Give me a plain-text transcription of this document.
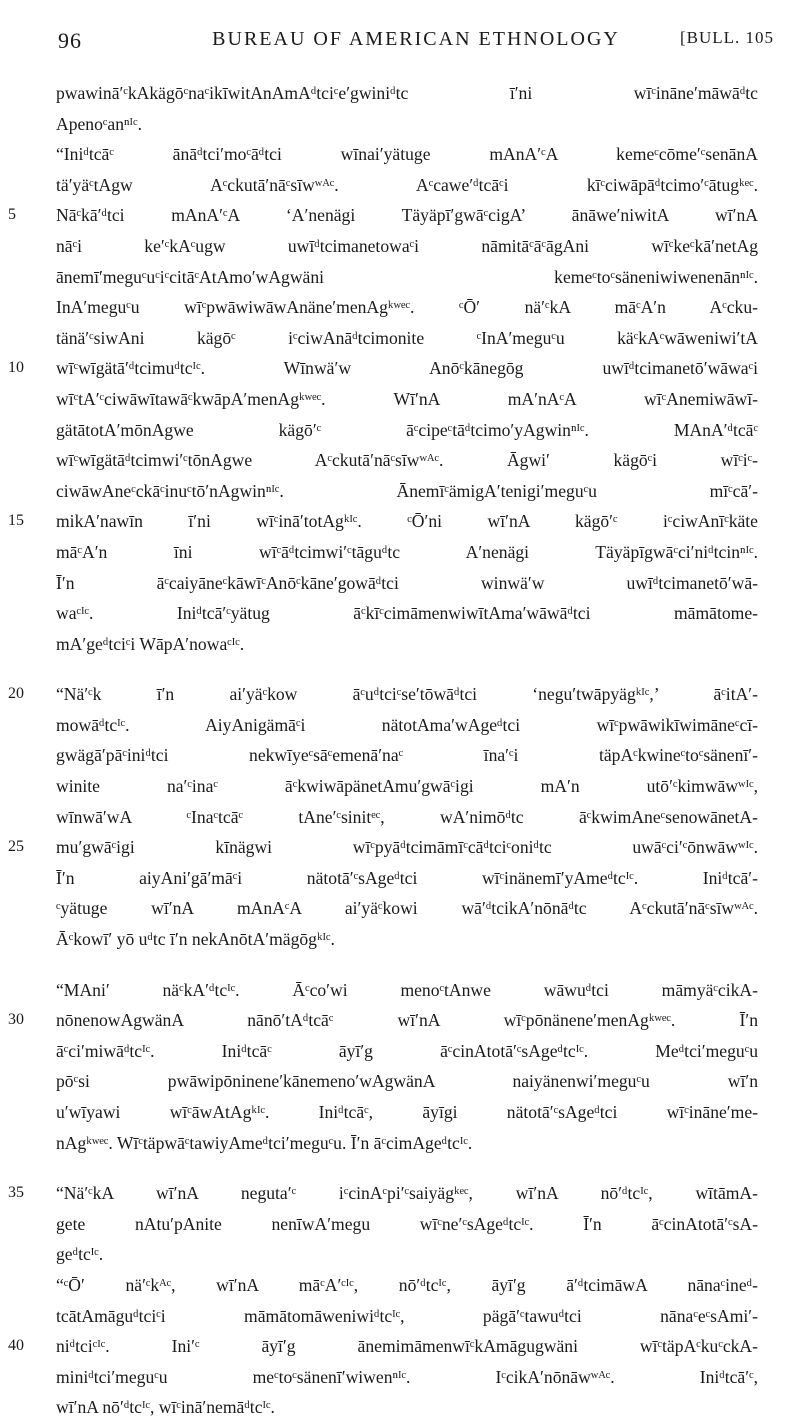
96	BUREAU OF AMERICAN ETHNOLOGY	[BULL. 105
pwawinā′ᶜkAkägōᶜnaᶜikīwitAnAmAᵈtciᶜe′gwiniᵈtc ī′ni wīᶜināne′māwāᵈtc
Apenoᶜanⁿᴵᶜ.
“Iniᵈtcāᶜ ānāᵈtci′moᶜāᵈtci wīnai′yätuge mAnA′ᶜA kemeᶜcōme′ᶜsenānA
tä′yäᶜtAgw Aᶜckutā′nāᶜsīwʷᴬᶜ. Aᶜcawe′ᵈtcāᶜi kīᶜciwāpāᵈtcimo′ᶜātugᵏᵉᶜ.
5	Nāᶜkā′ᵈtci mAnA′ᶜA ‘A′nenägi Täyäpī′gwāᶜcigA’ ānāwe′niwitA wī′nA
nāᶜi ke′ᶜkAᶜugw uwīᵈtcimanetowaᶜi nāmitāᶜāᶜāgAni wīᶜkeᶜkā′netAg
ānemī′meguᶜuᶜiᶜcitāᶜAtAmo′wAgwäni kemeᶜtoᶜsäneniwiwenenānⁿᴵᶜ.
InA′meguᶜu wīᶜpwāwiwāwAnäne′menAgᵏʷᵉᶜ. ᶜŌ′ nä′ᶜkA māᶜA′n Aᶜcku-
tänä′ᶜsiwAni kägōᶜ iᶜciwAnāᵈtcimonite ᶜInA′meguᶜu käᶜkAᶜwāweniwi′tA
10	wīᶜwīgätā′ᵈtcimuᵈtcᴵᶜ. Wīnwä′w Anōᶜkānegōg uwīᵈtcimanetō′wāwaᶜi
wīᶜtA′ᶜciwāwītawāᶜkwāpA′menAgᵏʷᵉᶜ. Wī′nA mA′nAᶜA wīᶜAnemiwāwī-
gätātotA′mōnAgwe kägō′ᶜ āᶜcipeᶜtāᵈtcimo′yAgwinⁿᴵᶜ. MAnA′ᵈtcāᶜ
wīᶜwīgätāᵈtcimwi′ᶜtōnAgwe Aᶜckutā′nāᶜsīwʷᴬᶜ. Āgwi′ kägōᶜi wīᶜiᶜ-
ciwāwAneᶜckāᶜinuᶜtō′nAgwinⁿᴵᶜ. ĀnemīᶜämigA′tenigi′meguᶜu mīᶜcā′-
15	mikA′nawīn ī′ni wīᶜinā′totAgᵏᴵᶜ. ᶜŌ′ni wī′nA kägō′ᶜ iᶜciwAnīᶜkäte
māᶜA′n īni wīᶜāᵈtcimwi′ᶜtāguᵈtc A′nenägi Täyäpīgwāᶜci′niᵈtcinⁿᴵᶜ.
Ī′n āᶜcaiyāneᶜkāwīᶜAnōᶜkāne′gowāᵈtci winwä′w uwīᵈtcimanetō′wā-
waᶜᴵᶜ. Iniᵈtcā′ᶜyätug āᶜkīᶜcimāmenwiwītAma′wāwāᵈtci māmātome-
mA′geᵈtciᶜi WāpA′nowaᶜᴵᶜ.
20	“Nä′ᶜk ī′n ai′yäᶜkow āᶜuᵈtciᶜse′tōwāᵈtci ‘negu′twāpyägᵏᴵᶜ,’ āᶜitA′-
mowāᵈtcᴵᶜ. AiyAnigämāᶜi nätotAma′wAgeᵈtci wīᶜpwāwikīwimāneᶜcī-
gwägā′pāᶜiniᵈtci nekwīyeᶜsāᶜemenā′naᶜ īna′ᶜi täpAᶜkwineᶜtoᶜsänenī′-
winite na′ᶜinaᶜ āᶜkwiwāpänetAmu′gwāᶜigi mA′n utō′ᶜkimwāwʷᴵᶜ,
wīnwā′wA ᶜInaᶜtcāᶜ tAne′ᶜsinitᵉᶜ, wA′nimōᵈtc āᶜkwimAneᶜsenowānetA-
25	mu′gwāᶜigi kīnägwi wīᶜpyāᵈtcimāmīᶜcāᵈtciᶜoniᵈtc uwāᶜci′ᶜōnwāwʷᴵᶜ.
Ī′n aiyAni′gā′māᶜi nätotā′ᶜsAgeᵈtci wīᶜinänemī′yAmeᵈtcᴵᶜ. Iniᵈtcā′-
ᶜyätuge wī′nA mAnAᶜA ai′yäᶜkowi wā′ᵈtcikA′nōnāᵈtc Aᶜckutā′nāᶜsīwʷᴬᶜ.
Āᶜkowī′ yō uᵈtc ī′n nekAnōtA′mägōgᵏᴵᶜ.
“MAni′ näᶜkA′ᵈtcᴵᶜ. Āᶜco′wi menoᶜtAnwe wāwuᵈtci māmyäᶜcikA-
30	nōnenowAgwänA nānō′tAᵈtcāᶜ wī′nA wīᶜpōnänene′menAgᵏʷᵉᶜ. Ī′n
āᶜci′miwāᵈtcᴵᶜ. Iniᵈtcāᶜ āyī′g āᶜcinAtotā′ᶜsAgeᵈtcᴵᶜ. Meᵈtci′meguᶜu
pōᶜsi pwāwipōninene′kānemeno′wAgwänA naiyänenwi′meguᶜu wī′n
u′wīyawi wīᶜāwAtAgᵏᴵᶜ. Iniᵈtcāᶜ, āyīgi nätotā′ᶜsAgeᵈtci wīᶜināne′me-
nAgᵏʷᵉᶜ. WīᶜtäpwāᶜtawiyAmeᵈtci′meguᶜu. Ī′n āᶜcimAgeᵈtcᴵᶜ.
35	“Nä′ᶜkA wī′nA neguta′ᶜ iᶜcinAᶜpi′ᶜsaiyägᵏᵉᶜ, wī′nA nō′ᵈtcᴵᶜ, wītāmA-
gete nAtu′pAnite nenīwA′megu wīᶜne′ᶜsAgeᵈtcᴵᶜ. Ī′n āᶜcinAtotā′ᶜsA-
geᵈtcᴵᶜ.
“ᶜŌ′ nä′ᶜkᴬᶜ, wī′nA māᶜA′ᶜᴵᶜ, nō′ᵈtcᴵᶜ, āyī′g ā′ᵈtcimāwA nānaᶜineᵈ-
tcātAmāguᵈtciᶜi māmātomāweniwiᵈtcᴵᶜ, pägā′ᶜtawuᵈtci nānaᶜeᶜsAmi′-
40	niᵈtciᶜᴵᶜ. Ini′ᶜ āyī′g ānemimāmenwīᶜkAmāgugwäni wīᶜtäpAᶜkuᶜckA-
miniᵈtci′meguᶜu meᶜtoᶜsänenī′wiwenⁿᴵᶜ. IᶜcikA′nōnāwʷᴬᶜ. Iniᵈtcā′ᶜ,
wī′nA nō′ᵈtcᴵᶜ, wīᶜinā′nemāᵈtcᴵᶜ.
